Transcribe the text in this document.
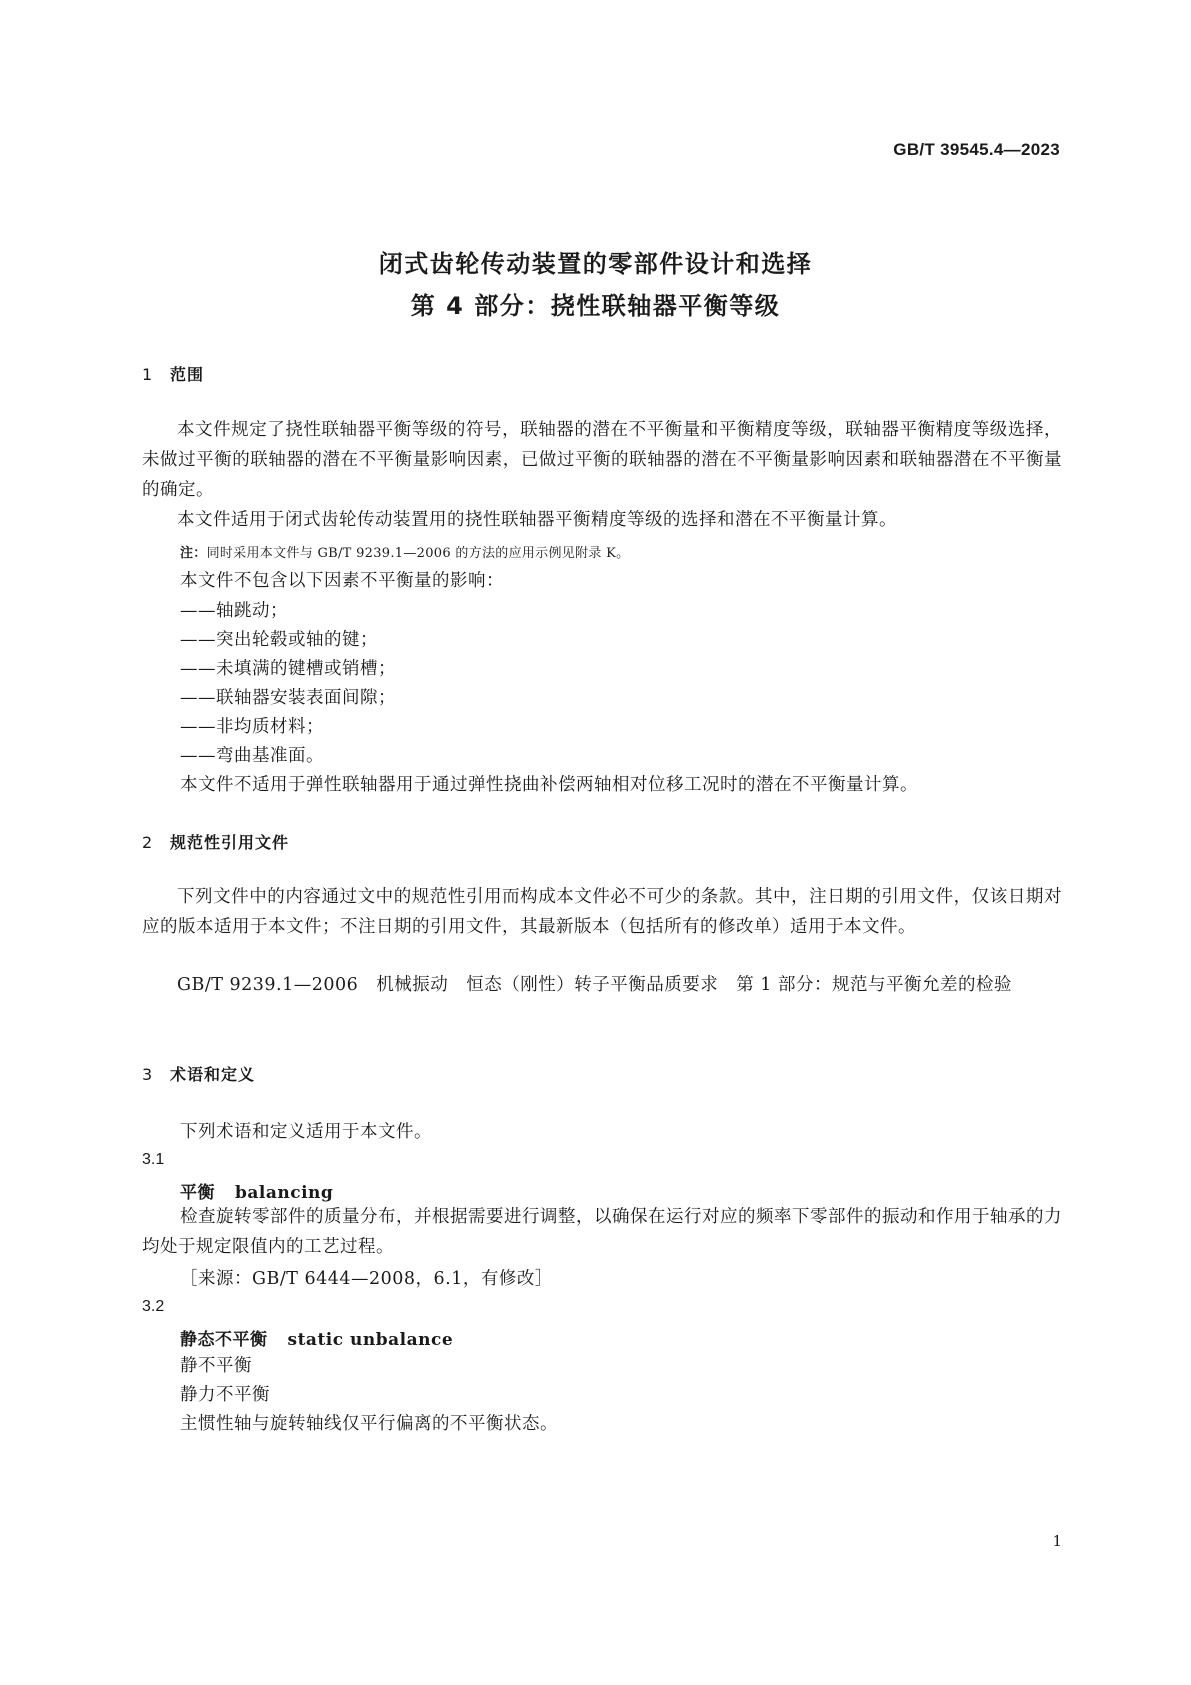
GB/T 39545.4—2023
闭式齿轮传动装置的零部件设计和选择
第 4 部分：挠性联轴器平衡等级
1 范围
本文件规定了挠性联轴器平衡等级的符号，联轴器的潜在不平衡量和平衡精度等级，联轴器平衡精度等级选择，未做过平衡的联轴器的潜在不平衡量影响因素，已做过平衡的联轴器的潜在不平衡量影响因素和联轴器潜在不平衡量的确定。
本文件适用于闭式齿轮传动装置用的挠性联轴器平衡精度等级的选择和潜在不平衡量计算。
注：同时采用本文件与 GB/T 9239.1—2006 的方法的应用示例见附录 K。
本文件不包含以下因素不平衡量的影响：
——轴跳动；
——突出轮毂或轴的键；
——未填满的键槽或销槽；
——联轴器安装表面间隙；
——非均质材料；
——弯曲基准面。
本文件不适用于弹性联轴器用于通过弹性挠曲补偿两轴相对位移工况时的潜在不平衡量计算。
2 规范性引用文件
下列文件中的内容通过文中的规范性引用而构成本文件必不可少的条款。其中，注日期的引用文件，仅该日期对应的版本适用于本文件；不注日期的引用文件，其最新版本（包括所有的修改单）适用于本文件。
GB/T 9239.1—2006　机械振动　恒态（刚性）转子平衡品质要求　第 1 部分：规范与平衡允差的检验
3 术语和定义
下列术语和定义适用于本文件。
3.1
平衡 balancing
检查旋转零部件的质量分布，并根据需要进行调整，以确保在运行对应的频率下零部件的振动和作用于轴承的力均处于规定限值内的工艺过程。
［来源：GB/T 6444—2008，6.1，有修改］
3.2
静态不平衡 static unbalance
静不平衡
静力不平衡
主惯性轴与旋转轴线仅平行偏离的不平衡状态。
1
